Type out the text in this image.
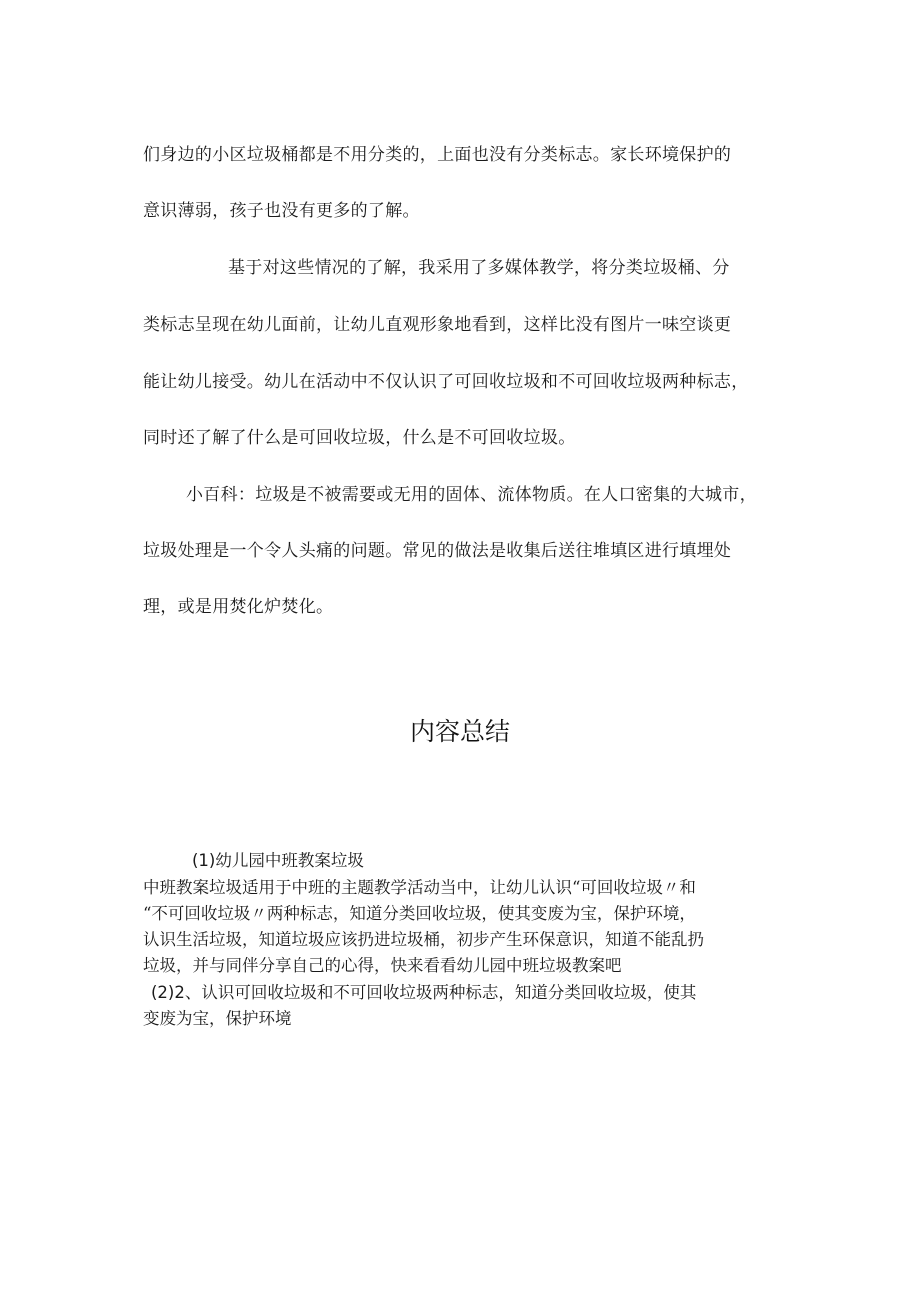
们身边的小区垃圾桶都是不用分类的，上面也没有分类标志。家长环境保护的
意识薄弱，孩子也没有更多的了解。
基于对这些情况的了解，我采用了多媒体教学，将分类垃圾桶、分
类标志呈现在幼儿面前，让幼儿直观形象地看到，这样比没有图片一味空谈更
能让幼儿接受。幼儿在活动中不仅认识了可回收垃圾和不可回收垃圾两种标志，
同时还了解了什么是可回收垃圾，什么是不可回收垃圾。
小百科：垃圾是不被需要或无用的固体、流体物质。在人口密集的大城市，
垃圾处理是一个令人头痛的问题。常见的做法是收集后送往堆填区进行填埋处
理，或是用焚化炉焚化。
内容总结
(1)幼儿园中班教案垃圾
中班教案垃圾适用于中班的主题教学活动当中，让幼儿认识“可回收垃圾〃和
“不可回收垃圾〃两种标志，知道分类回收垃圾，使其变废为宝，保护环境，
认识生活垃圾，知道垃圾应该扔进垃圾桶，初步产生环保意识，知道不能乱扔
垃圾，并与同伴分享自己的心得，快来看看幼儿园中班垃圾教案吧
(2)2、认识可回收垃圾和不可回收垃圾两种标志，知道分类回收垃圾，使其
变废为宝，保护环境
